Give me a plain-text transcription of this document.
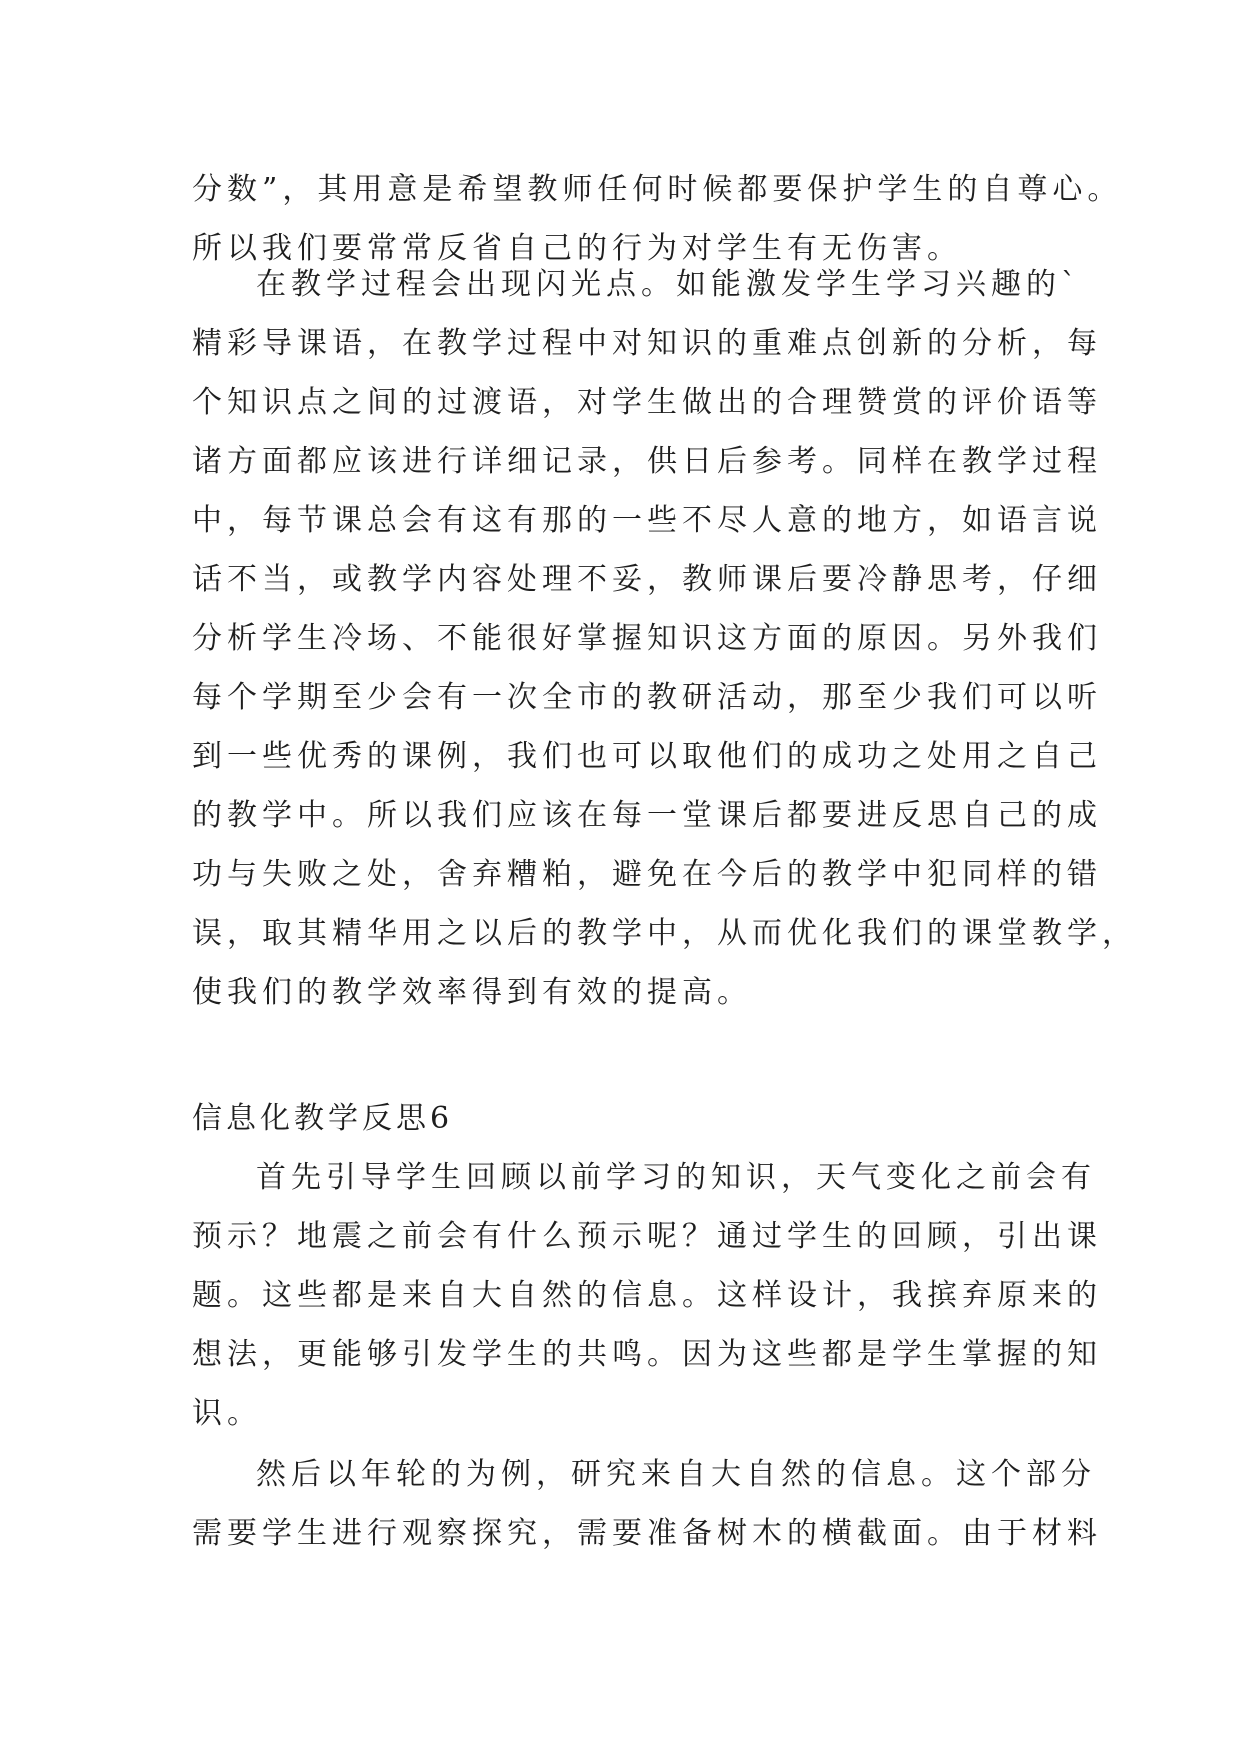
分数”，其用意是希望教师任何时候都要保护学生的自尊心。
所以我们要常常反省自己的行为对学生有无伤害。
在教学过程会出现闪光点。如能激发学生学习兴趣的`
精彩导课语，在教学过程中对知识的重难点创新的分析，每
个知识点之间的过渡语，对学生做出的合理赞赏的评价语等
诸方面都应该进行详细记录，供日后参考。同样在教学过程
中，每节课总会有这有那的一些不尽人意的地方，如语言说
话不当，或教学内容处理不妥，教师课后要冷静思考，仔细
分析学生冷场、不能很好掌握知识这方面的原因。另外我们
每个学期至少会有一次全市的教研活动，那至少我们可以听
到一些优秀的课例，我们也可以取他们的成功之处用之自己
的教学中。所以我们应该在每一堂课后都要进反思自己的成
功与失败之处，舍弃糟粕，避免在今后的教学中犯同样的错
误，取其精华用之以后的教学中，从而优化我们的课堂教学，
使我们的教学效率得到有效的提高。
信息化教学反思6
首先引导学生回顾以前学习的知识，天气变化之前会有
预示？地震之前会有什么预示呢？通过学生的回顾，引出课
题。这些都是来自大自然的信息。这样设计，我摈弃原来的
想法，更能够引发学生的共鸣。因为这些都是学生掌握的知
识。
然后以年轮的为例，研究来自大自然的信息。这个部分
需要学生进行观察探究，需要准备树木的横截面。由于材料
